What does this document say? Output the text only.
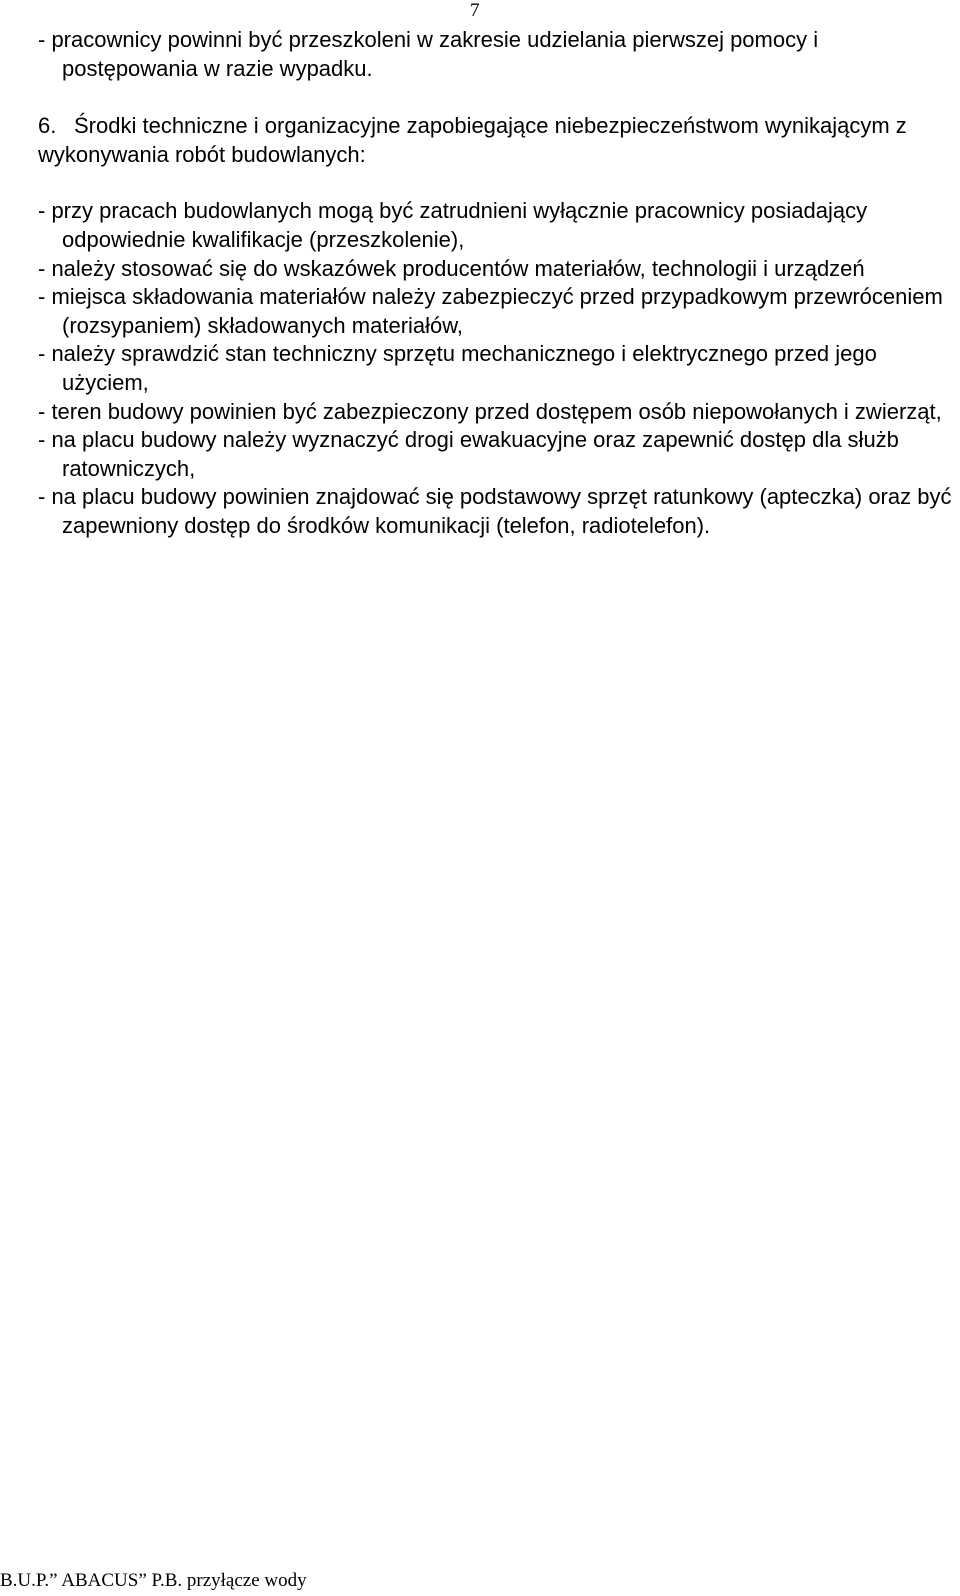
7

- pracownicy powinni być przeszkoleni w zakresie udzielania pierwszej pomocy i postępowania w razie wypadku.

6. Środki techniczne i organizacyjne zapobiegające niebezpieczeństwom wynikającym z wykonywania robót budowlanych:

- przy pracach budowlanych mogą być zatrudnieni wyłącznie pracownicy posiadający odpowiednie kwalifikacje (przeszkolenie),

- należy stosować się do wskazówek producentów materiałów, technologii i urządzeń

- miejsca składowania materiałów należy zabezpieczyć przed przypadkowym przewróceniem (rozsypaniem) składowanych materiałów,

- należy sprawdzić stan techniczny sprzętu mechanicznego i elektrycznego przed jego użyciem,

- teren budowy powinien być zabezpieczony przed dostępem osób niepowołanych i zwierząt,

- na placu budowy należy wyznaczyć drogi ewakuacyjne oraz zapewnić dostęp dla służb ratowniczych,

- na placu budowy powinien znajdować się podstawowy sprzęt ratunkowy (apteczka) oraz być zapewniony dostęp do środków komunikacji (telefon, radiotelefon).

B.U.P.” ABACUS” P.B. przyłącze wody
